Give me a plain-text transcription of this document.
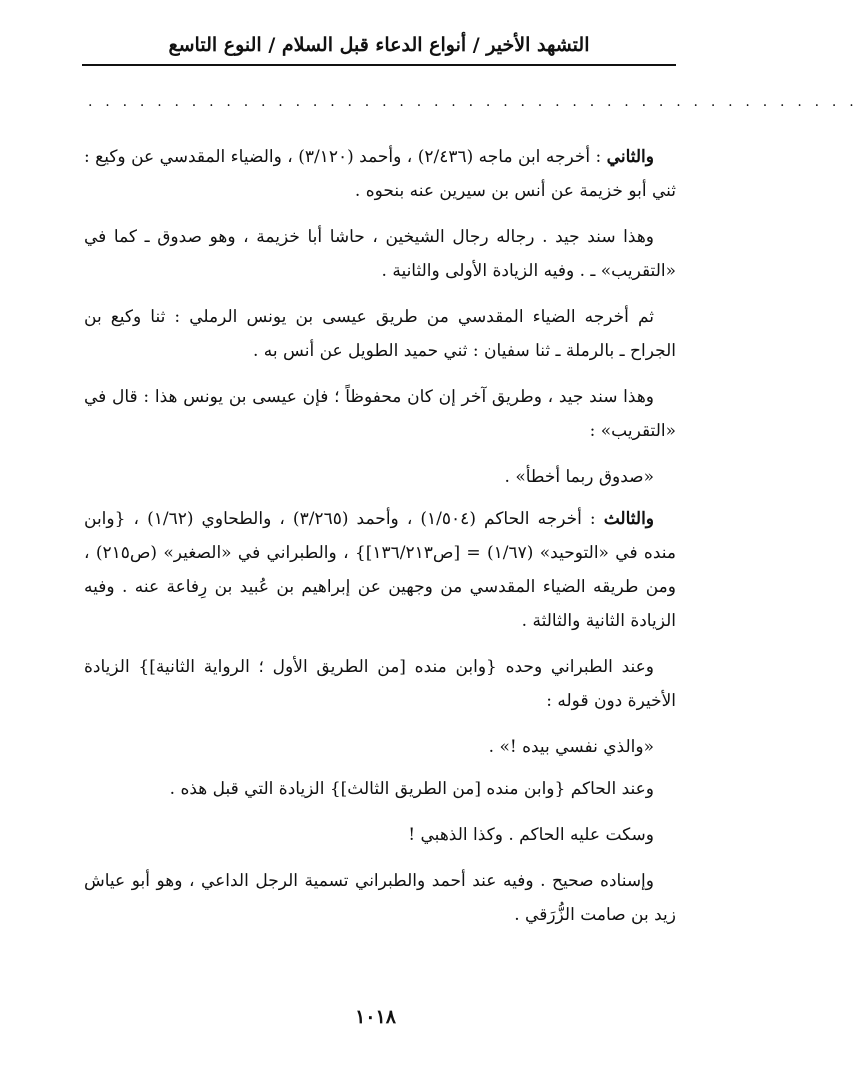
التشهد الأخير / أنواع الدعاء قبل السلام / النوع التاسع
. . . . . . . . . . . . . . . . . . . . . . . . . . . . . . . . . . . . . . . . . . . . .

والثاني : أخرجه ابن ماجه (٢/٤٣٦) ، وأحمد (٣/١٢٠) ، والضياء المقدسي عن وكيع : ثني أبو خزيمة عن أنس بن سيرين عنه بنحوه .

وهذا سند جيد . رجاله رجال الشيخين ، حاشا أبا خزيمة ، وهو صدوق ـ كما في «التقريب» ـ . وفيه الزيادة الأولى والثانية .

ثم أخرجه الضياء المقدسي من طريق عيسى بن يونس الرملي : ثنا وكيع بن الجراح ـ بالرملة ـ ثنا سفيان : ثني حميد الطويل عن أنس به .

وهذا سند جيد ، وطريق آخر إن كان محفوظاً ؛ فإن عيسى بن يونس هذا : قال في «التقريب» :

«صدوق ربما أخطأ» .

والثالث : أخرجه الحاكم (١/٥٠٤) ، وأحمد (٣/٢٦٥) ، والطحاوي (١/٦٢) ، {وابن منده في «التوحيد» (١/٦٧) = [ص١٣٦/٢١٣]} ، والطبراني في «الصغير» (ص٢١٥) ، ومن طريقه الضياء المقدسي من وجهين عن إبراهيم بن عُبيد بن رِفاعة عنه . وفيه الزيادة الثانية والثالثة .

وعند الطبراني وحده {وابن منده [من الطريق الأول ؛ الرواية الثانية]} الزيادة الأخيرة دون قوله :

«والذي نفسي بيده !» .

وعند الحاكم {وابن منده [من الطريق الثالث]} الزيادة التي قبل هذه .

وسكت عليه الحاكم . وكذا الذهبي !

وإسناده صحيح . وفيه عند أحمد والطبراني تسمية الرجل الداعي ، وهو أبو عياش زيد بن صامت الزُّرَقي .

١٠١٨
